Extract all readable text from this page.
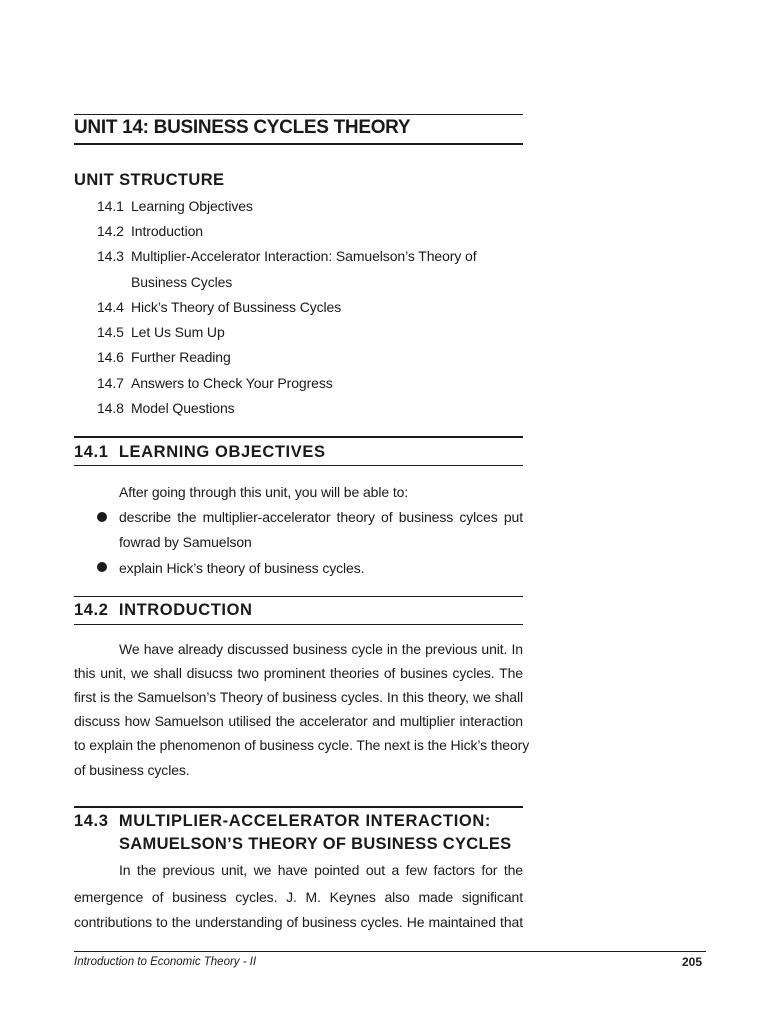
UNIT 14: BUSINESS CYCLES THEORY
UNIT STRUCTURE
14.1 Learning Objectives
14.2 Introduction
14.3 Multiplier-Accelerator Interaction: Samuelson’s Theory of
Business Cycles
14.4 Hick’s Theory of Bussiness Cycles
14.5 Let Us Sum Up
14.6 Further Reading
14.7 Answers to Check Your Progress
14.8 Model Questions
14.1  LEARNING OBJECTIVES
After going through this unit, you will be able to:
describe the multiplier-accelerator theory of business cylces put
fowrad by Samuelson
explain Hick’s theory of business cycles.
14.2  INTRODUCTION
We have already discussed business cycle in the previous unit. In
this unit, we shall disucss two prominent theories of busines cycles. The
first is the Samuelson’s Theory of business cycles. In this theory, we shall
discuss how Samuelson utilised the accelerator and multiplier interaction
to explain the phenomenon of business cycle. The next is the Hick’s theory
of business cycles.
14.3  MULTIPLIER-ACCELERATOR INTERACTION:
SAMUELSON’S THEORY OF BUSINESS CYCLES
In the previous unit, we have pointed out a few factors for the
emergence of business cycles. J. M. Keynes also made significant
contributions to the understanding of business cycles. He maintained that
Introduction to Economic Theory - II	205
